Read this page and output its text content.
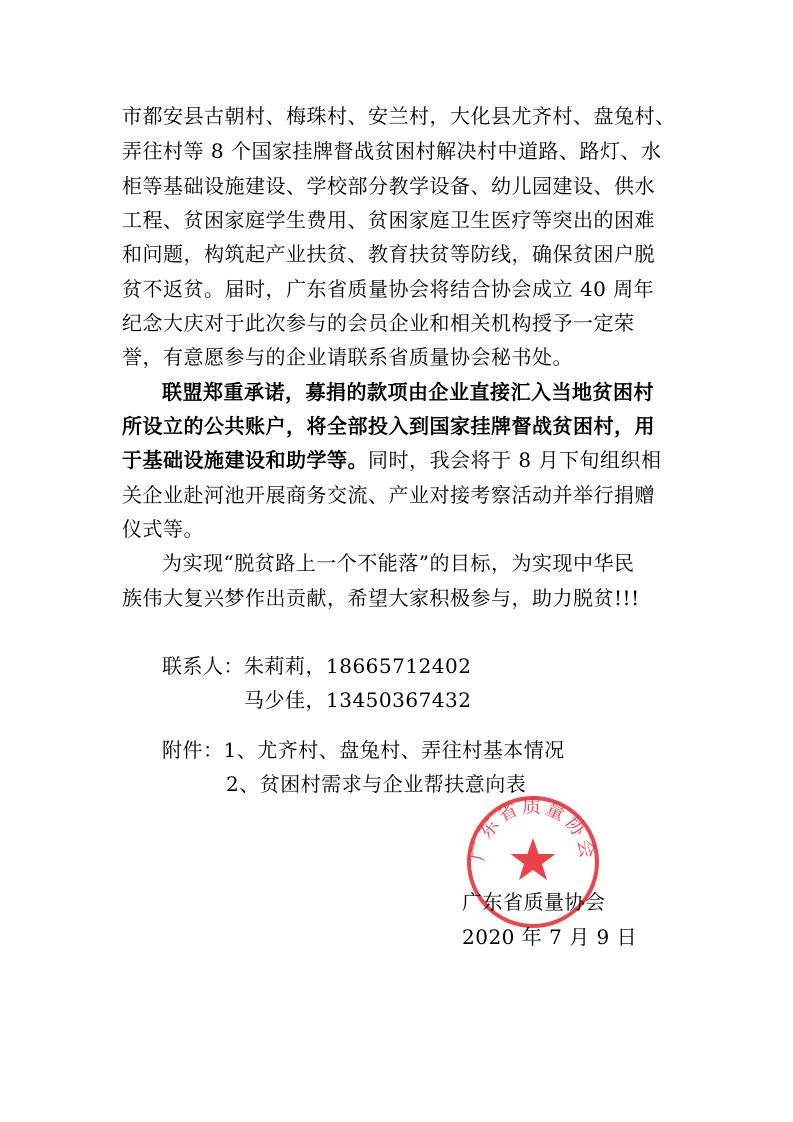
市都安县古朝村、梅珠村、安兰村，大化县尤齐村、盘兔村、
弄往村等 8 个国家挂牌督战贫困村解决村中道路、路灯、水
柜等基础设施建设、学校部分教学设备、幼儿园建设、供水
工程、贫困家庭学生费用、贫困家庭卫生医疗等突出的困难
和问题，构筑起产业扶贫、教育扶贫等防线，确保贫困户脱
贫不返贫。届时，广东省质量协会将结合协会成立 40 周年
纪念大庆对于此次参与的会员企业和相关机构授予一定荣
誉，有意愿参与的企业请联系省质量协会秘书处。
联盟郑重承诺，募捐的款项由企业直接汇入当地贫困村
所设立的公共账户，将全部投入到国家挂牌督战贫困村，用
于基础设施建设和助学等。同时，我会将于 8 月下旬组织相
关企业赴河池开展商务交流、产业对接考察活动并举行捐赠
仪式等。
为实现“脱贫路上一个不能落”的目标，为实现中华民
族伟大复兴梦作出贡献，希望大家积极参与，助力脱贫!!!
联系人： 朱莉莉，18665712402
马少佳，13450367432
附件：1、尤齐村、盘兔村、弄往村基本情况
2、贫困村需求与企业帮扶意向表
广东省质量协会
广东省质量协会
2020 年 7 月 9 日
